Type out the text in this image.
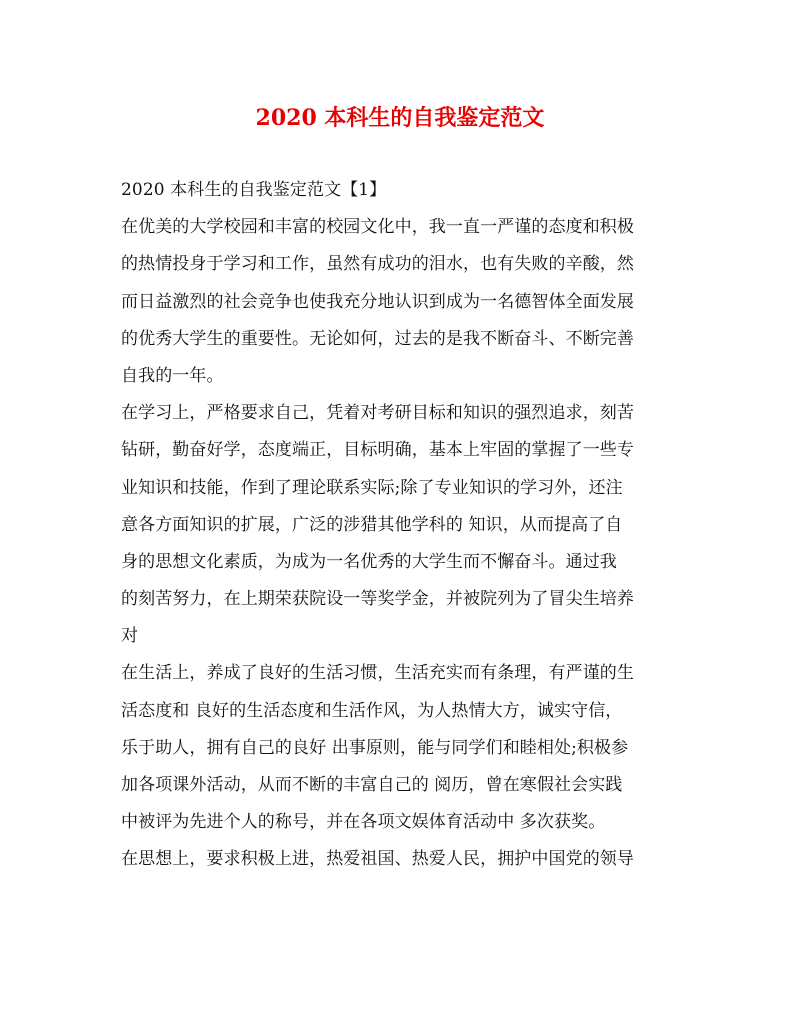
2020 本科生的自我鉴定范文
2020 本科生的自我鉴定范文【1】
在优美的大学校园和丰富的校园文化中，我一直一严谨的态度和积极
的热情投身于学习和工作，虽然有成功的泪水，也有失败的辛酸，然
而日益激烈的社会竞争也使我充分地认识到成为一名德智体全面发展
的优秀大学生的重要性。无论如何，过去的是我不断奋斗、不断完善
自我的一年。
在学习上，严格要求自己，凭着对考研目标和知识的强烈追求，刻苦
钻研，勤奋好学，态度端正，目标明确，基本上牢固的掌握了一些专
业知识和技能，作到了理论联系实际;除了专业知识的学习外，还注
意各方面知识的扩展，广泛的涉猎其他学科的 知识，从而提高了自
身的思想文化素质，为成为一名优秀的大学生而不懈奋斗。通过我
的刻苦努力，在上期荣获院设一等奖学金，并被院列为了冒尖生培养
对
在生活上，养成了良好的生活习惯，生活充实而有条理，有严谨的生
活态度和 良好的生活态度和生活作风，为人热情大方，诚实守信，
乐于助人，拥有自己的良好 出事原则，能与同学们和睦相处;积极参
加各项课外活动，从而不断的丰富自己的 阅历，曾在寒假社会实践
中被评为先进个人的称号，并在各项文娱体育活动中 多次获奖。
在思想上，要求积极上进，热爱祖国、热爱人民，拥护中国党的领导
